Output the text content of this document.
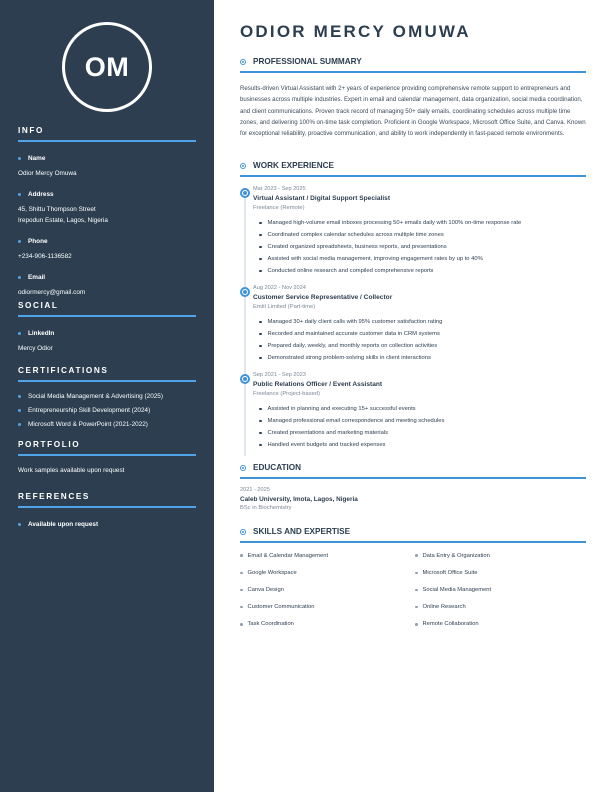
OM
INFO
Name
Odior Mercy Omuwa
Address
45, Shittu Thompson Street
Irepodun Estate, Lagos, Nigeria
Phone
+234-906-1136582
Email
odiormercy@gmail.com
SOCIAL
LinkedIn
Mercy Odior
CERTIFICATIONS
Social Media Management & Advertising (2025)
Entrepreneurship Skill Development (2024)
Microsoft Word & PowerPoint (2021-2022)
PORTFOLIO
Work samples available upon request
REFERENCES
Available upon request
ODIOR MERCY OMUWA
PROFESSIONAL SUMMARY

Results-driven Virtual Assistant with 2+ years of experience providing comprehensive remote support to entrepreneurs and businesses across multiple industries. Expert in email and calendar management, data organization, social media coordination, and client communications. Proven track record of managing 50+ daily emails, coordinating schedules across multiple time zones, and delivering 100% on-time task completion. Proficient in Google Workspace, Microsoft Office Suite, and Canva. Known for exceptional reliability, proactive communication, and ability to work independently in fast-paced remote environments.

WORK EXPERIENCE
Mar 2023 - Sep 2025
Virtual Assistant / Digital Support Specialist
Freelance (Remote)
Managed high-volume email inboxes processing 50+ emails daily with 100% on-time response rate
Coordinated complex calendar schedules across multiple time zones
Created organized spreadsheets, business reports, and presentations
Assisted with social media management, improving engagement rates by up to 40%
Conducted online research and compiled comprehensive reports
Aug 2022 - Nov 2024
Customer Service Representative / Collector
Emtil Limited (Part-time)
Managed 30+ daily client calls with 95% customer satisfaction rating
Recorded and maintained accurate customer data in CRM systems
Prepared daily, weekly, and monthly reports on collection activities
Demonstrated strong problem-solving skills in client interactions
Sep 2021 - Sep 2023
Public Relations Officer / Event Assistant
Freelance (Project-based)
Assisted in planning and executing 15+ successful events
Managed professional email correspondence and meeting schedules
Created presentations and marketing materials
Handled event budgets and tracked expenses
EDUCATION
2021 - 2025
Caleb University, Imota, Lagos, Nigeria
BSc in Biochemistry
SKILLS AND EXPERTISE
Email & Calendar Management	Data Entry & Organization
Google Workspace	Microsoft Office Suite
Canva Design	Social Media Management
Customer Communication	Online Research
Task Coordination	Remote Collaboration
